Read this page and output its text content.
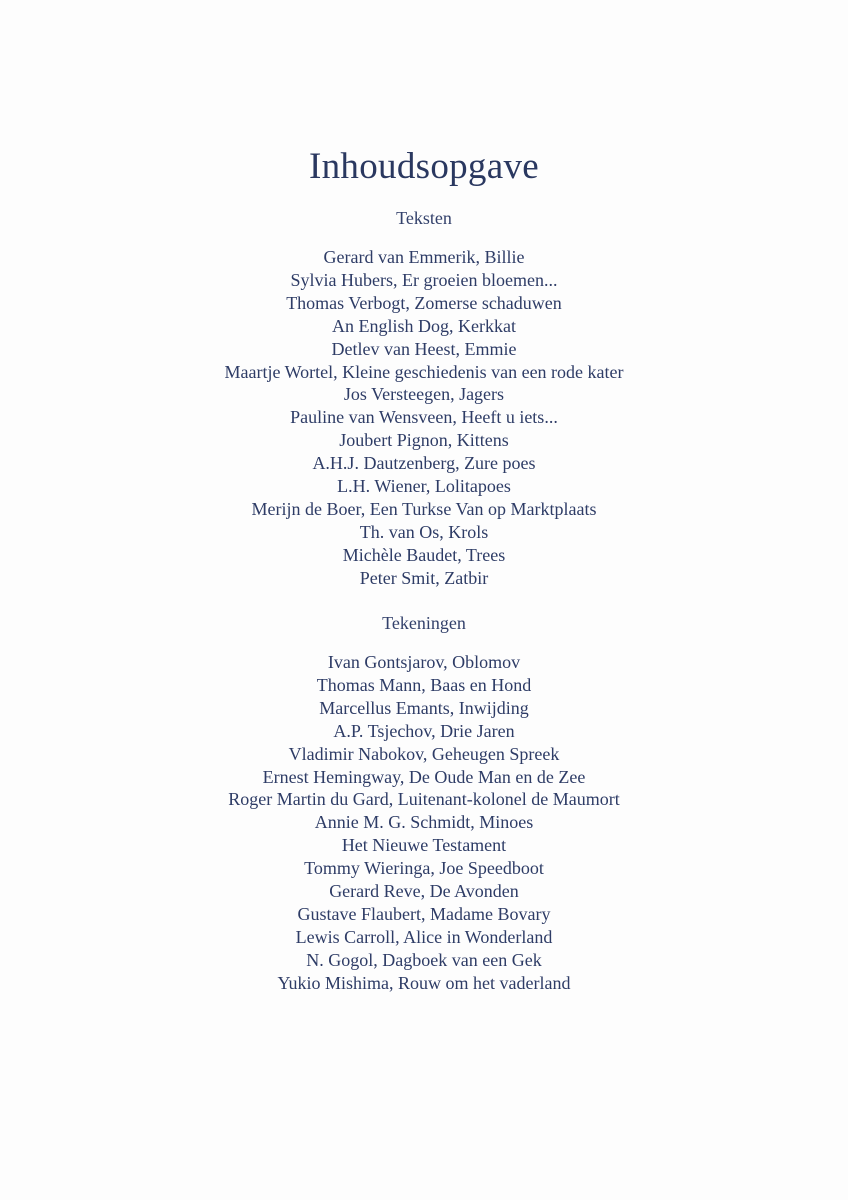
Inhoudsopgave
Teksten
Gerard van Emmerik, Billie
Sylvia Hubers, Er groeien bloemen...
Thomas Verbogt, Zomerse schaduwen
An English Dog, Kerkkat
Detlev van Heest, Emmie
Maartje Wortel, Kleine geschiedenis van een rode kater
Jos Versteegen, Jagers
Pauline van Wensveen, Heeft u iets...
Joubert Pignon, Kittens
A.H.J. Dautzenberg, Zure poes
L.H. Wiener, Lolitapoes
Merijn de Boer, Een Turkse Van op Marktplaats
Th. van Os, Krols
Michèle Baudet, Trees
Peter Smit, Zatbir
Tekeningen
Ivan Gontsjarov, Oblomov
Thomas Mann, Baas en Hond
Marcellus Emants, Inwijding
A.P. Tsjechov, Drie Jaren
Vladimir Nabokov, Geheugen Spreek
Ernest Hemingway, De Oude Man en de Zee
Roger Martin du Gard, Luitenant-kolonel de Maumort
Annie M. G. Schmidt, Minoes
Het Nieuwe Testament
Tommy Wieringa, Joe Speedboot
Gerard Reve, De Avonden
Gustave Flaubert, Madame Bovary
Lewis Carroll, Alice in Wonderland
N. Gogol, Dagboek van een Gek
Yukio Mishima, Rouw om het vaderland
